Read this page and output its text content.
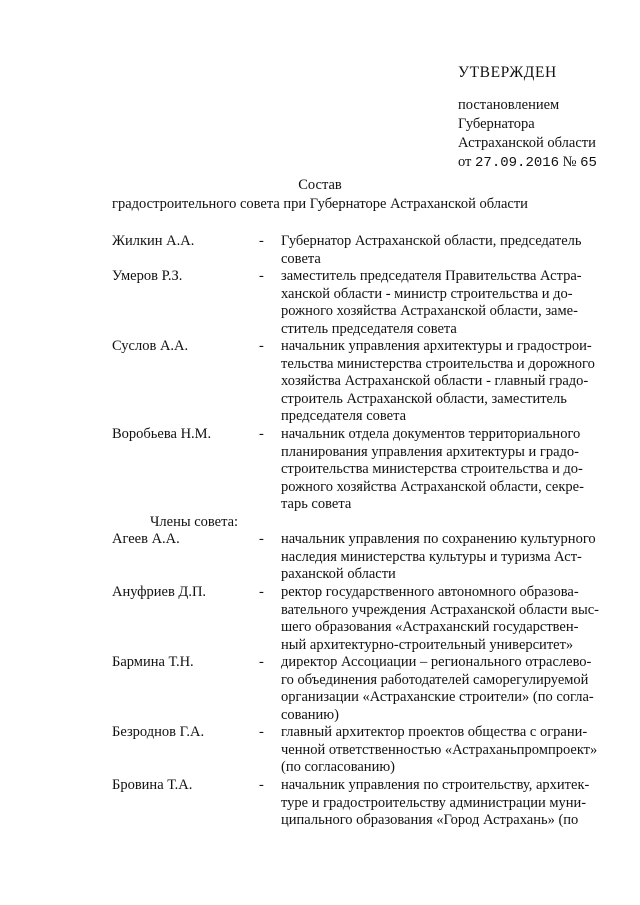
УТВЕРЖДЕН
постановлением
Губернатора
Астраханской области
от 27.09.2016 № 65
Состав
градостроительного совета при Губернаторе Астраханской области
Жилкин А.А.	- Губернатор Астраханской области, председатель
совета
Умеров Р.З.	- заместитель председателя Правительства Астра-
ханской области - министр строительства и до-
рожного хозяйства Астраханской области, заме-
ститель председателя совета
Суслов А.А.	- начальник управления архитектуры и градострои-
тельства министерства строительства и дорожного
хозяйства Астраханской области - главный градо-
строитель Астраханской области, заместитель
председателя совета
Воробьева Н.М.	- начальник отдела документов территориального
планирования управления архитектуры и градо-
строительства министерства строительства и до-
рожного хозяйства Астраханской области, секре-
тарь совета
Члены совета:
Агеев А.А.	- начальник управления по сохранению культурного
наследия министерства культуры и туризма Аст-
раханской области
Ануфриев Д.П.	- ректор государственного автономного образова-
вательного учреждения Астраханской области выс-
шего образования «Астраханский государствен-
ный архитектурно-строительный университет»
Бармина Т.Н.	- директор Ассоциации – регионального отраслево-
го объединения работодателей саморегулируемой
организации «Астраханские строители» (по согла-
сованию)
Безроднов Г.А.	- главный архитектор проектов общества с ограни-
ченной ответственностью «Астраханьпромпроект»
(по согласованию)
Бровина Т.А.	- начальник управления по строительству, архитек-
туре и градостроительству администрации муни-
ципального образования «Город Астрахань» (по
